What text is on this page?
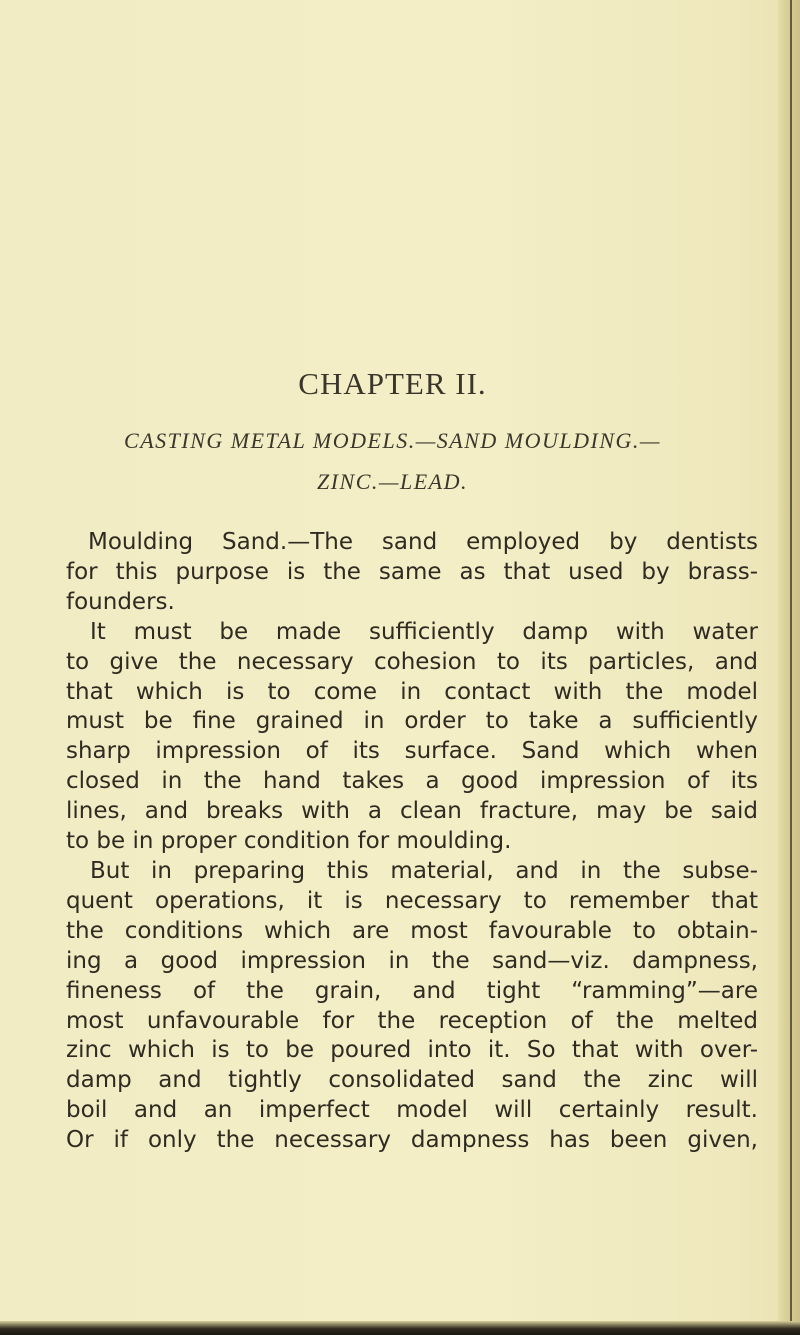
CHAPTER II.
CASTING METAL MODELS.—SAND MOULDING.—
ZINC.—LEAD.
Moulding Sand.—The sand employed by dentists
for this purpose is the same as that used by brass-
founders.
It must be made sufficiently damp with water
to give the necessary cohesion to its particles, and
that which is to come in contact with the model
must be fine grained in order to take a sufficiently
sharp impression of its surface. Sand which when
closed in the hand takes a good impression of its
lines, and breaks with a clean fracture, may be said
to be in proper condition for moulding.
But in preparing this material, and in the subse-
quent operations, it is necessary to remember that
the conditions which are most favourable to obtain-
ing a good impression in the sand—viz. dampness,
fineness of the grain, and tight “ramming”—are
most unfavourable for the reception of the melted
zinc which is to be poured into it. So that with over-
damp and tightly consolidated sand the zinc will
boil and an imperfect model will certainly result.
Or if only the necessary dampness has been given,
